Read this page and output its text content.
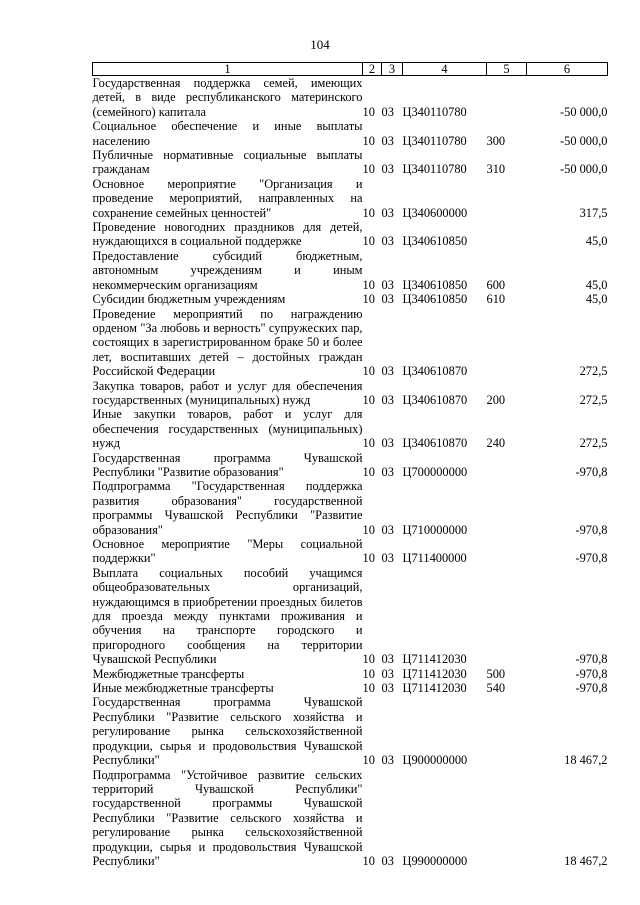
104
1	2	3	4	5	6
Государственная поддержка семей, имеющих детей, в виде республиканского материнского (семейного) капитала	10	03	Ц340110780		-50 000,0
Социальное обеспечение и иные выплаты населению	10	03	Ц340110780	300	-50 000,0
Публичные нормативные социальные выплаты гражданам	10	03	Ц340110780	310	-50 000,0
Основное мероприятие "Организация и проведение мероприятий, направленных на сохранение семейных ценностей"	10	03	Ц340600000		317,5
Проведение новогодних праздников для детей, нуждающихся в социальной поддержке	10	03	Ц340610850		45,0
Предоставление субсидий бюджетным, автономным учреждениям и иным некоммерческим организациям	10	03	Ц340610850	600	45,0
Субсидии бюджетным учреждениям	10	03	Ц340610850	610	45,0
Проведение мероприятий по награждению орденом "За любовь и верность" супружеских пар, состоящих в зарегистрированном браке 50 и более лет, воспитавших детей – достойных граждан Российской Федерации	10	03	Ц340610870		272,5
Закупка товаров, работ и услуг для обеспечения государственных (муниципальных) нужд	10	03	Ц340610870	200	272,5
Иные закупки товаров, работ и услуг для обеспечения государственных (муниципальных) нужд	10	03	Ц340610870	240	272,5
Государственная программа Чувашской Республики "Развитие образования"	10	03	Ц700000000		-970,8
Подпрограмма "Государственная поддержка развития образования" государственной программы Чувашской Республики "Развитие образования"	10	03	Ц710000000		-970,8
Основное мероприятие "Меры социальной поддержки"	10	03	Ц711400000		-970,8
Выплата социальных пособий учащимся общеобразовательных организаций, нуждающимся в приобретении проездных билетов для проезда между пунктами проживания и обучения на транспорте городского и пригородного сообщения на территории Чувашской Республики	10	03	Ц711412030		-970,8
Межбюджетные трансферты	10	03	Ц711412030	500	-970,8
Иные межбюджетные трансферты	10	03	Ц711412030	540	-970,8
Государственная программа Чувашской Республики "Развитие сельского хозяйства и регулирование рынка сельскохозяйственной продукции, сырья и продовольствия Чувашской Республики"	10	03	Ц900000000		18 467,2
Подпрограмма "Устойчивое развитие сельских территорий Чувашской Республики" государственной программы Чувашской Республики "Развитие сельского хозяйства и регулирование рынка сельскохозяйственной продукции, сырья и продовольствия Чувашской Республики"	10	03	Ц990000000		18 467,2
